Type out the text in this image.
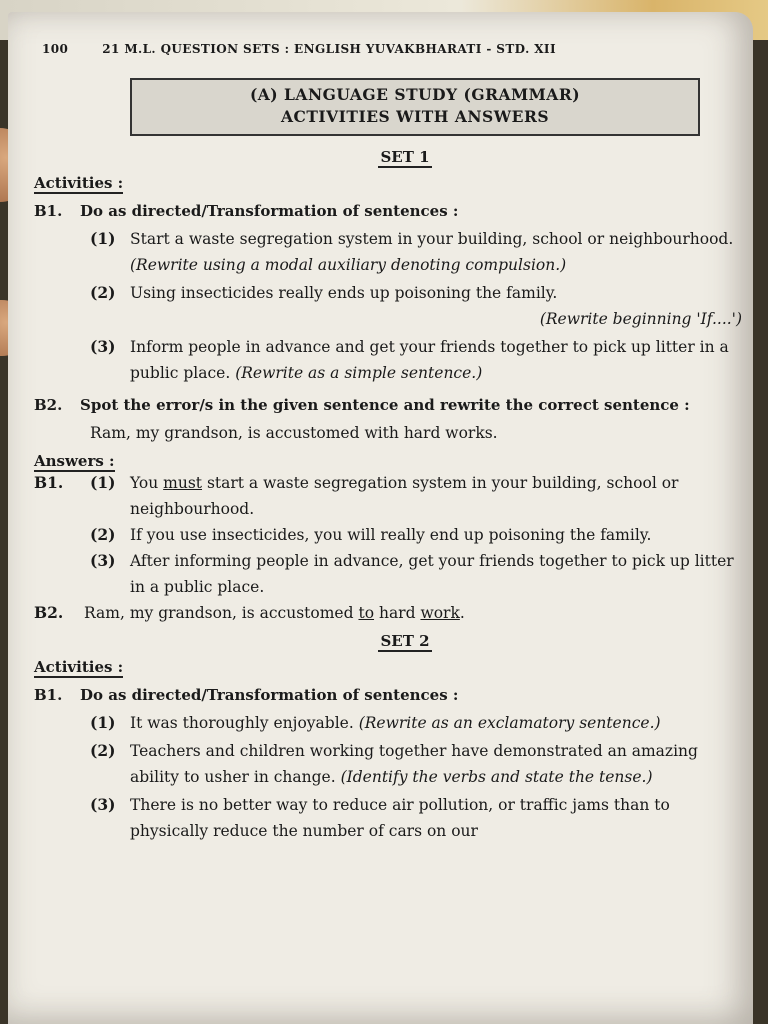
100	21 M.L. QUESTION SETS : ENGLISH YUVAKBHARATI - STD. XII
(A) LANGUAGE STUDY (GRAMMAR)
ACTIVITIES WITH ANSWERS
SET 1
Activities :
B1. Do as directed/Transformation of sentences :
(1) Start a waste segregation system in your building, school or neighbourhood. (Rewrite using a modal auxiliary denoting compulsion.)
(2) Using insecticides really ends up poisoning the family.
(Rewrite beginning 'If....')
(3) Inform people in advance and get your friends together to pick up litter in a public place. (Rewrite as a simple sentence.)
B2. Spot the error/s in the given sentence and rewrite the correct sentence :
Ram, my grandson, is accustomed with hard works.
Answers :
B1. (1) You must start a waste segregation system in your building, school or neighbourhood.
(2) If you use insecticides, you will really end up poisoning the family.
(3) After informing people in advance, get your friends together to pick up litter in a public place.
B2. Ram, my grandson, is accustomed to hard work.
SET 2
Activities :
B1. Do as directed/Transformation of sentences :
(1) It was thoroughly enjoyable. (Rewrite as an exclamatory sentence.)
(2) Teachers and children working together have demonstrated an amazing ability to usher in change. (Identify the verbs and state the tense.)
(3) There is no better way to reduce air pollution, or traffic jams than to physically reduce the number of cars on our
